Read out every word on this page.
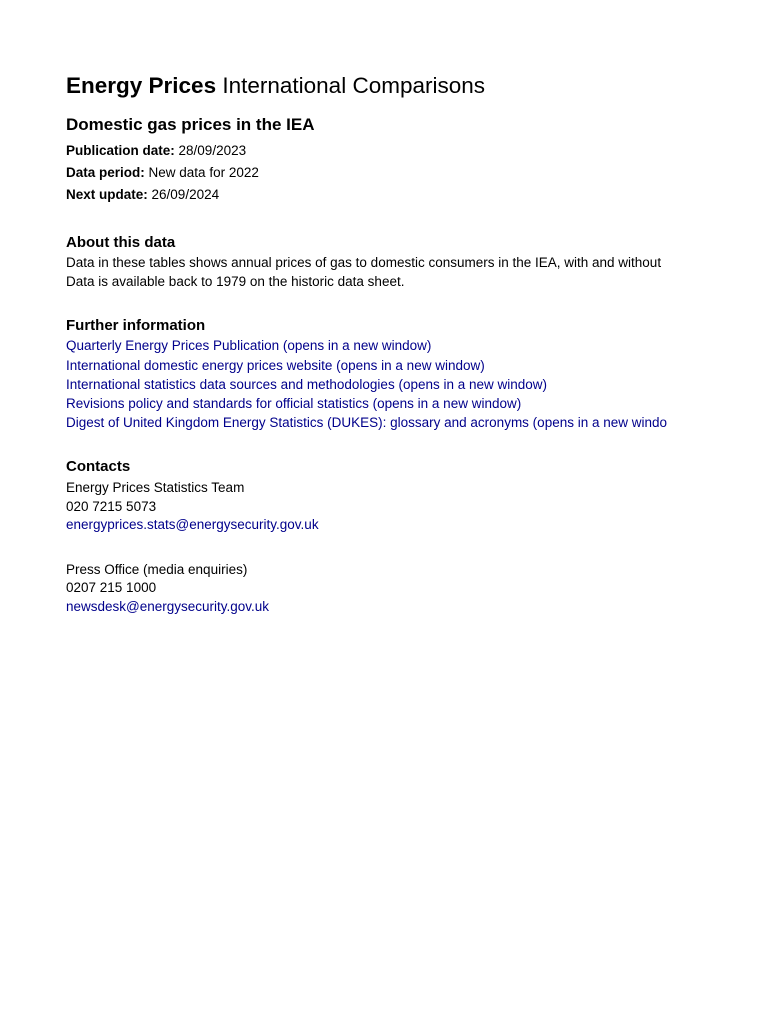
Energy Prices International Comparisons
Domestic gas prices in the IEA
Publication date: 28/09/2023
Data period: New data for 2022
Next update: 26/09/2024
About this data
Data in these tables shows annual prices of gas to domestic consumers in the IEA, with and without
Data is available back to 1979 on the historic data sheet.
Further information
Quarterly Energy Prices Publication (opens in a new window)
International domestic energy prices website (opens in a new window)
International statistics data sources and methodologies (opens in a new window)
Revisions policy and standards for official statistics (opens in a new window)
Digest of United Kingdom Energy Statistics (DUKES): glossary and acronyms (opens in a new windo
Contacts
Energy Prices Statistics Team
020 7215 5073
energyprices.stats@energysecurity.gov.uk
Press Office (media enquiries)
0207 215 1000
newsdesk@energysecurity.gov.uk
